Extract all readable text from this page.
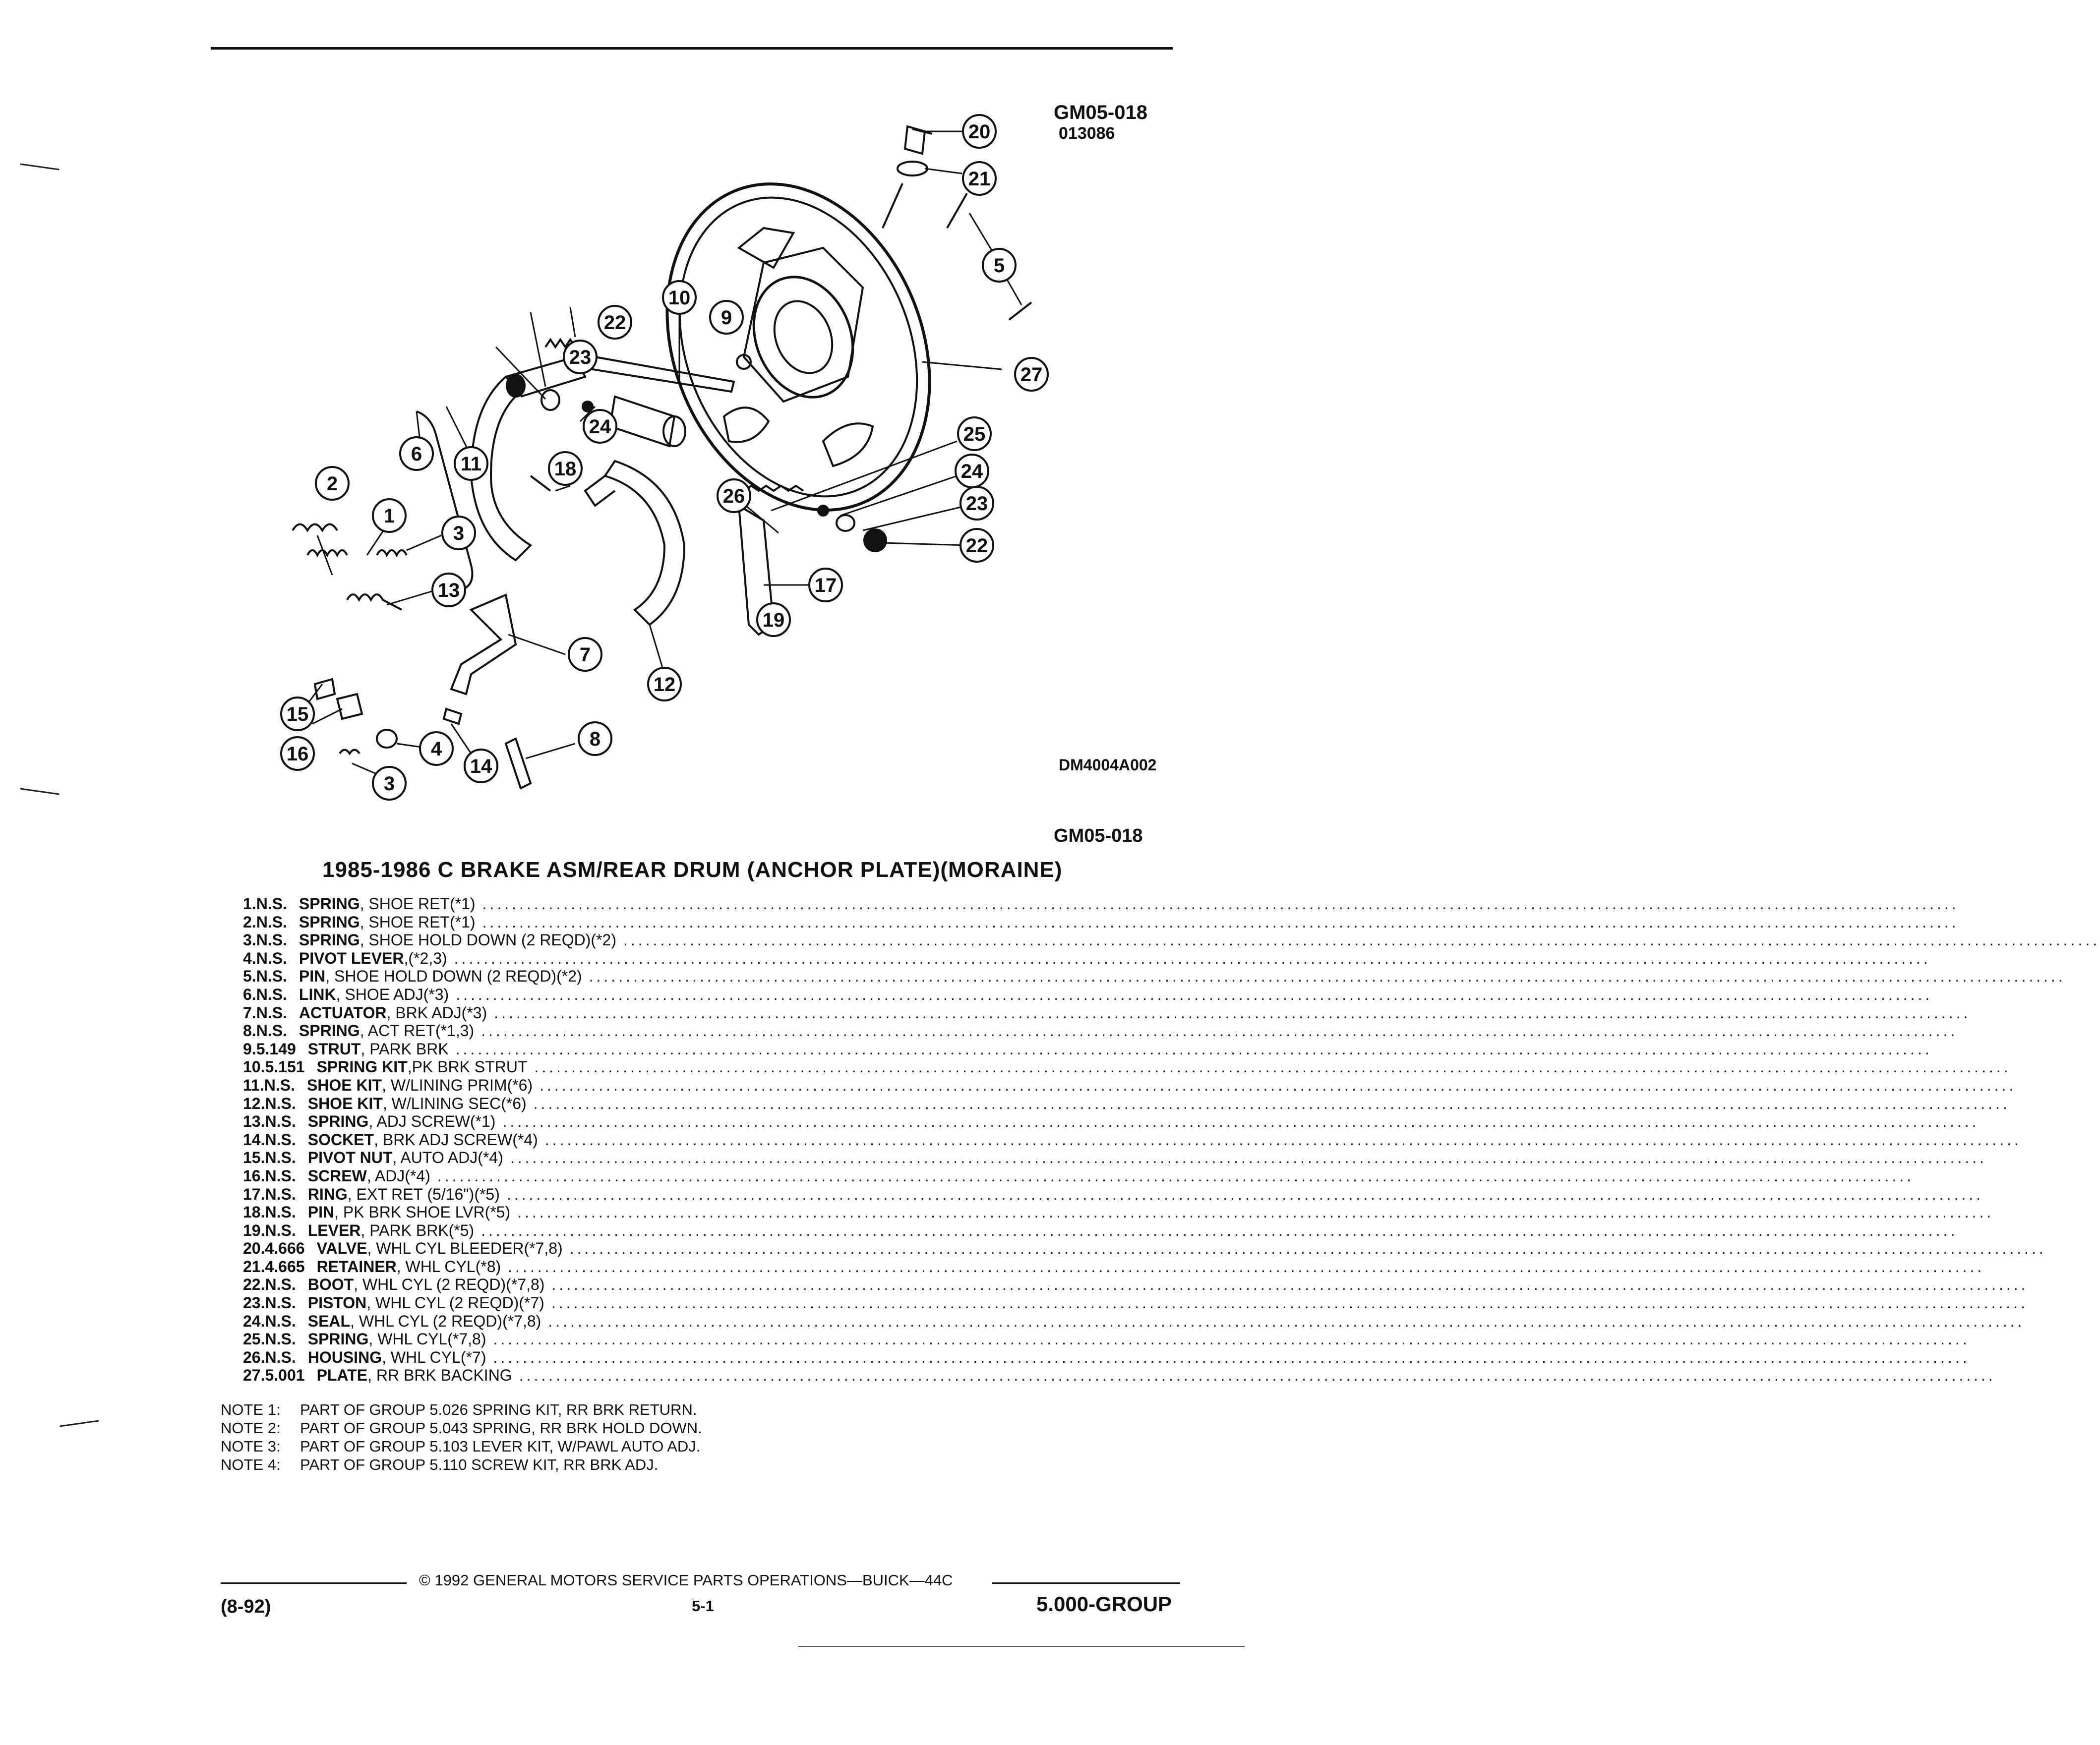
GM05-018
013086
20
21
5
27
10
9
22
23
24
6 11	18
26
25
24
23
22
2
1
3
13	17
19
12
7
15
16
8
4
14
3
DM4004A002
GM05-018
1985-1986 C BRAKE ASM/REAR DRUM (ANCHOR PLATE)(MORAINE)
1. N.S. SPRING , SHOE RET(*1) ........................................................................................................................................................................................................
2. N.S. SPRING , SHOE RET(*1) ........................................................................................................................................................................................................
3. N.S. SPRING , SHOE HOLD DOWN (2 REQD)(*2) ........................................................................................................................................................................................................
4. N.S. PIVOT LEVER ,(*2,3) ........................................................................................................................................................................................................
5. N.S. PIN , SHOE HOLD DOWN (2 REQD)(*2) ........................................................................................................................................................................................................
6. N.S. LINK , SHOE ADJ(*3) ........................................................................................................................................................................................................
7. N.S. ACTUATOR , BRK ADJ(*3) ........................................................................................................................................................................................................
8. N.S. SPRING , ACT RET(*1,3) ........................................................................................................................................................................................................
9. 5.149 STRUT , PARK BRK ........................................................................................................................................................................................................
10. 5.151 SPRING KIT ,PK BRK STRUT ........................................................................................................................................................................................................
11. N.S. SHOE KIT , W/LINING PRIM(*6) ........................................................................................................................................................................................................
12. N.S. SHOE KIT , W/LINING SEC(*6) ........................................................................................................................................................................................................
13. N.S. SPRING , ADJ SCREW(*1) ........................................................................................................................................................................................................
14. N.S. SOCKET , BRK ADJ SCREW(*4) ........................................................................................................................................................................................................
15. N.S. PIVOT NUT , AUTO ADJ(*4) ........................................................................................................................................................................................................
16. N.S. SCREW , ADJ(*4) ........................................................................................................................................................................................................
17. N.S. RING , EXT RET (5/16")(*5) ........................................................................................................................................................................................................
18. N.S. PIN , PK BRK SHOE LVR(*5) ........................................................................................................................................................................................................
19. N.S. LEVER , PARK BRK(*5) ........................................................................................................................................................................................................
20. 4.666 VALVE , WHL CYL BLEEDER(*7,8) ........................................................................................................................................................................................................
21. 4.665 RETAINER , WHL CYL(*8) ........................................................................................................................................................................................................
22. N.S. BOOT , WHL CYL (2 REQD)(*7,8) ........................................................................................................................................................................................................
23. N.S. PISTON , WHL CYL (2 REQD)(*7) ........................................................................................................................................................................................................
24. N.S. SEAL , WHL CYL (2 REQD)(*7,8) ........................................................................................................................................................................................................
25. N.S. SPRING , WHL CYL(*7,8) ........................................................................................................................................................................................................
26. N.S. HOUSING , WHL CYL(*7) ........................................................................................................................................................................................................
27. 5.001 PLATE , RR BRK BACKING ........................................................................................................................................................................................................
NOTE 1: PART OF GROUP 5.026 SPRING KIT, RR BRK RETURN.
NOTE 2: PART OF GROUP 5.043 SPRING, RR BRK HOLD DOWN.
NOTE 3: PART OF GROUP 5.103 LEVER KIT, W/PAWL AUTO ADJ.
NOTE 4: PART OF GROUP 5.110 SCREW KIT, RR BRK ADJ.
© 1992 GENERAL MOTORS SERVICE PARTS OPERATIONS—BUICK—44C
(8-92)	5-1	5.000-GROUP
